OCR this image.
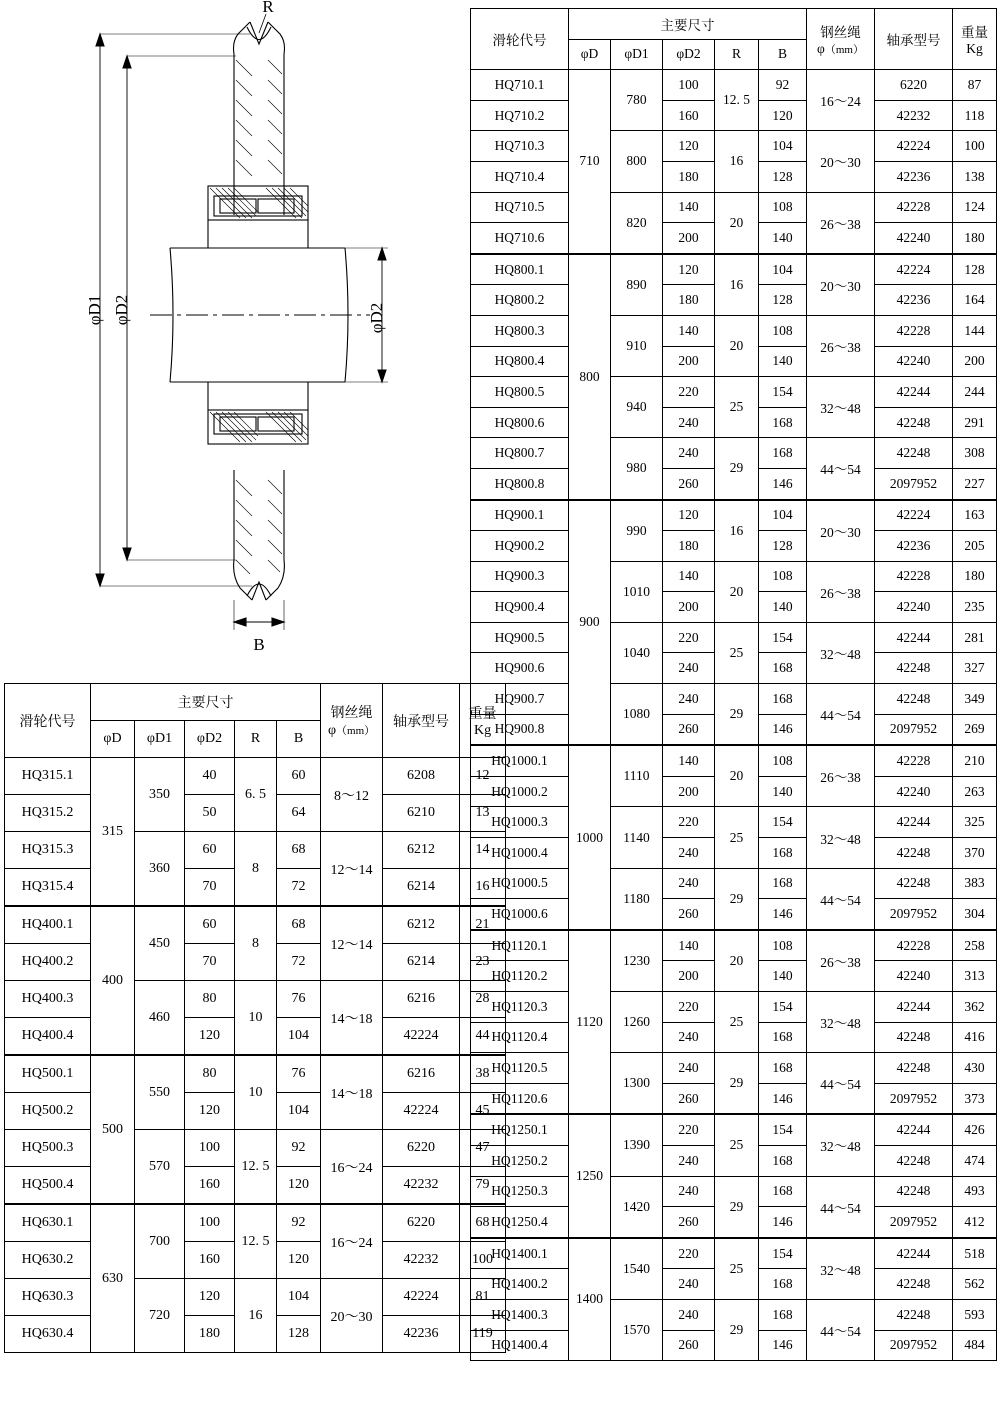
φD1 φD2	φD2
B
R
滑轮代号	主要尺寸	
钢丝绳
φ（mm）
	轴承型号	
重量
Kg

	φD	φD1	φD2	R	B			
HQ315.1	315	350	40	6. 5	60	8～12	6208	12
HQ315.2			50		64		6210	13
HQ315.3		360	60	8	68	12～14	6212	14
HQ315.4			70		72		6214	16
HQ400.1	400	450	60	8	68	12～14	6212	21
HQ400.2			70		72		6214	23
HQ400.3		460	80	10	76	14～18	6216	28
HQ400.4			120		104		42224	44
HQ500.1	500	550	80	10	76	14～18	6216	38
HQ500.2			120		104		42224	45
HQ500.3		570	100	12. 5	92	16～24	6220	47
HQ500.4			160		120		42232	79
HQ630.1	630	700	100	12. 5	92	16～24	6220	68
HQ630.2			160		120		42232	100
HQ630.3		720	120	16	104	20～30	42224	81
HQ630.4			180		128		42236	119
滑轮代号	主要尺寸	钢丝绳
φ（mm）
	轴承型号	
重量
Kg

	φD	φD1	φD2	R	B			
HQ710.1	710	780	100	12. 5	92	16～24	6220	87
HQ710.2			160		120		42232	118
HQ710.3		800	120	16	104	20～30	42224	100
HQ710.4			180		128		42236	138
HQ710.5		820	140	20	108	26～38	42228	124
HQ710.6			200		140		42240	180
HQ800.1	800	890	120	16	104	20～30	42224	128
HQ800.2			180		128		42236	164
HQ800.3		910	140	20	108	26～38	42228	144
HQ800.4			200		140		42240	200
HQ800.5		940	220	25	154	32～48	42244	244
HQ800.6			240		168		42248	291
HQ800.7		980	240	29	168	44～54	42248	308
HQ800.8			260		146		2097952	227
HQ900.1	900	990	120	16	104	20～30	42224	163
HQ900.2			180		128		42236	205
HQ900.3		1010	140	20	108	26～38	42228	180
HQ900.4			200		140		42240	235
HQ900.5		1040	220	25	154	32～48	42244	281
HQ900.6			240		168		42248	327
HQ900.7		1080	240	29	168	44～54	42248	349
HQ900.8			260		146		2097952	269
HQ1000.1	1000	1110	140	20	108	26～38	42228	210
HQ1000.2			200		140		42240	263
HQ1000.3		1140	220	25	154	32～48	42244	325
HQ1000.4			240		168		42248	370
HQ1000.5		1180	240	29	168	44～54	42248	383
HQ1000.6			260		146		2097952	304
HQ1120.1	1120	1230	140	20	108	26～38	42228	258
HQ1120.2			200		140		42240	313
HQ1120.3		1260	220	25	154	32～48	42244	362
HQ1120.4			240		168		42248	416
HQ1120.5		1300	240	29	168	44～54	42248	430
HQ1120.6			260		146		2097952	373
HQ1250.1	1250	1390	220	25	154	32～48	42244	426
HQ1250.2			240		168		42248	474
HQ1250.3		1420	240	29	168	44～54	42248	493
HQ1250.4			260		146		2097952	412
HQ1400.1	1400	1540	220	25	154	32～48	42244	518
HQ1400.2			240		168		42248	562
HQ1400.3		1570	240	29	168	44～54	42248	593
HQ1400.4			260		146		2097952	484
